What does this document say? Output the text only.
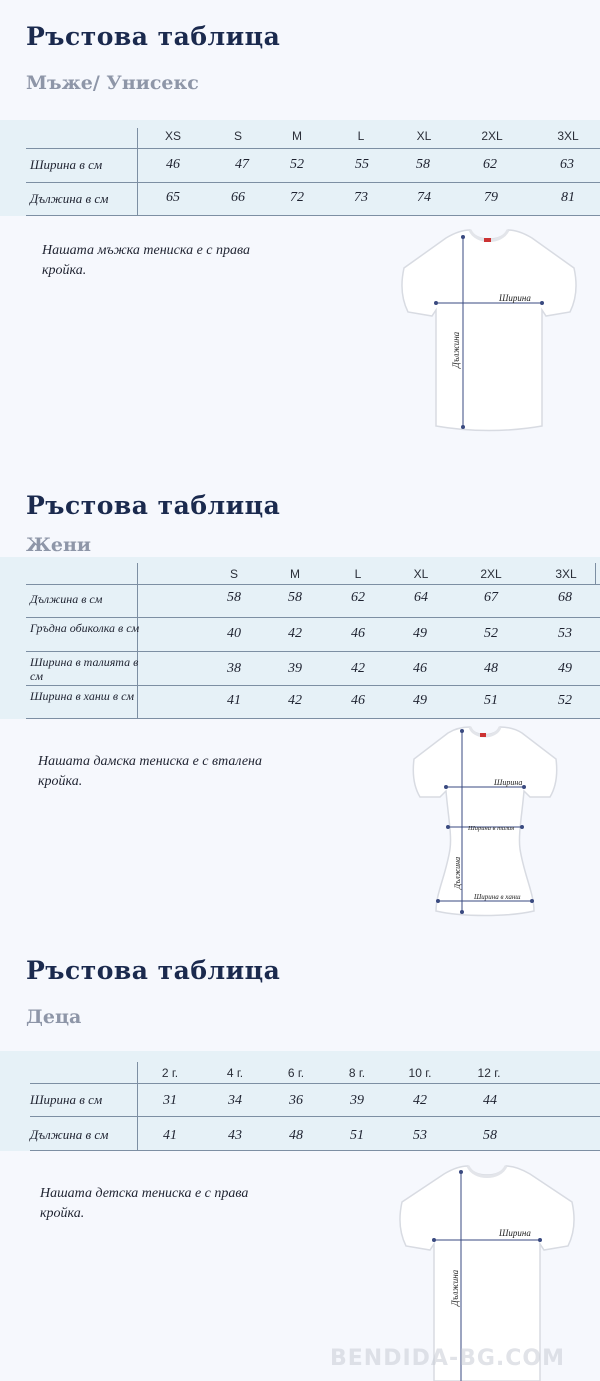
Ръстова таблица
Мъже/ Унисекс
XS	S	M	L	XL	2XL	3XL
Ширина в см	46	47	52	55	58	62	63
Дължина в см	65	66	72	73	74	79	81
Нашата мъжка тениска е с права кройка.
Ширина
Дължина
Ръстова таблица
Жени
S	M	L	XL	2XL	3XL
Дължина в см	58	58	62	64	67	68
Гръдна обиколка в см	40	42	46	49	52	53
Ширина в талията в см	38	39	42	46	48	49
Ширина в ханш в см	41	42	46	49	51	52
Нашата дамска тениска е с вталена кройка.	Ширина
Ширина в талия
Ширина в ханш
Дължина
Ръстова таблица
Деца
2 г.	4 г.	6 г.	8 г.	10 г.	12 г.
Ширина в см	31	34	36	39	42	44
Дължина в см	41	43	48	51	53	58
Нашата детска тениска е с права кройка.
Ширина
Дължина
BENDIDA-BG.COM
